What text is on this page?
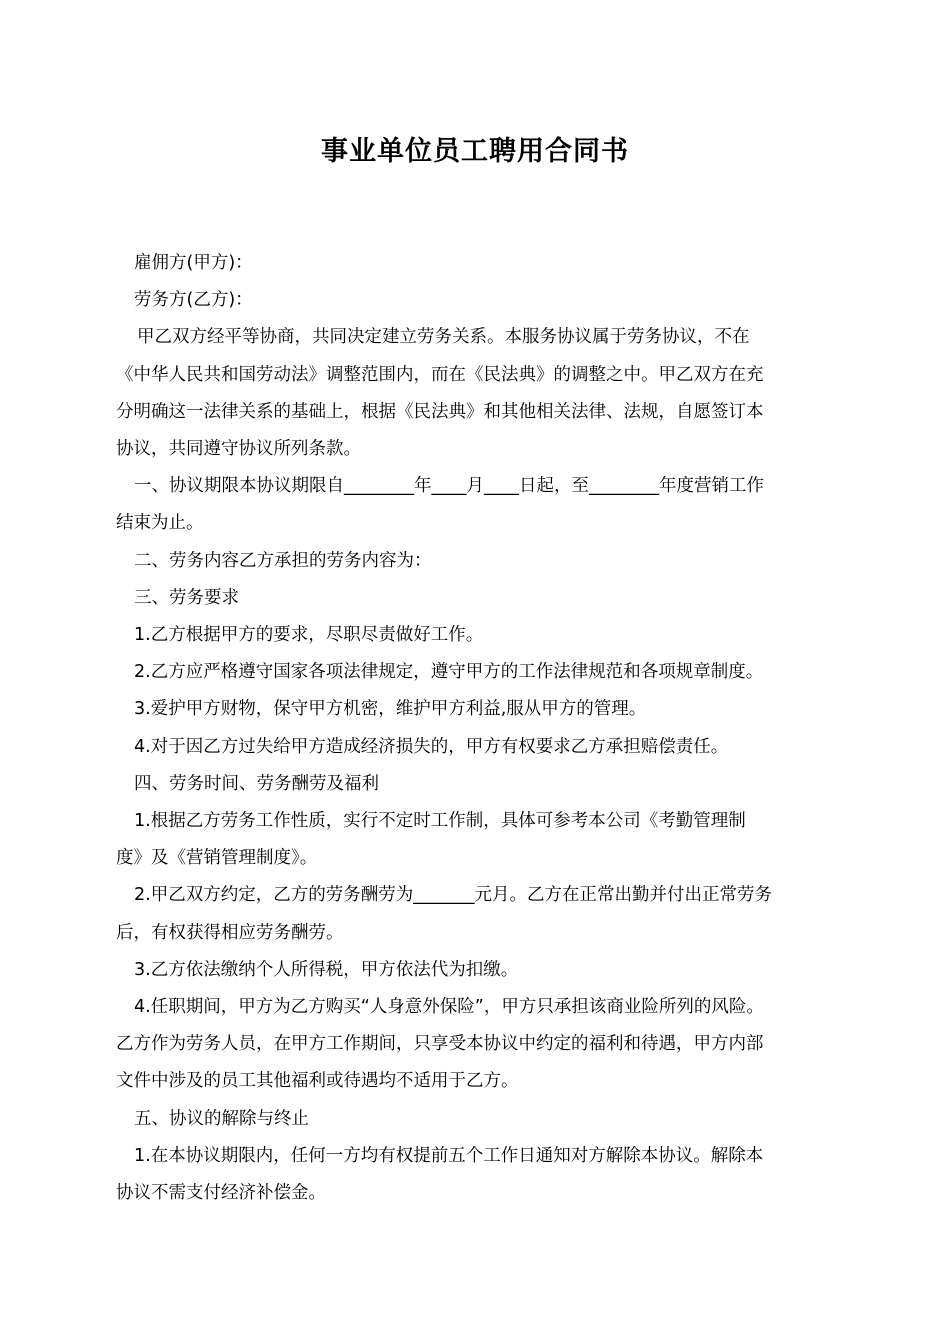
事业单位员工聘用合同书

雇佣方(甲方)：

劳务方(乙方)：

甲乙双方经平等协商，共同决定建立劳务关系。本服务协议属于劳务协议，不在

《中华人民共和国劳动法》调整范围内，而在《民法典》的调整之中。甲乙双方在充

分明确这一法律关系的基础上，根据《民法典》和其他相关法律、法规，自愿签订本

协议，共同遵守协议所列条款。

一、协议期限本协议期限自________年____月____日起，至________年度营销工作

结束为止。

二、劳务内容乙方承担的劳务内容为：

三、劳务要求

1.乙方根据甲方的要求，尽职尽责做好工作。

2.乙方应严格遵守国家各项法律规定，遵守甲方的工作法律规范和各项规章制度。

3.爱护甲方财物，保守甲方机密，维护甲方利益,服从甲方的管理。

4.对于因乙方过失给甲方造成经济损失的，甲方有权要求乙方承担赔偿责任。

四、劳务时间、劳务酬劳及福利

1.根据乙方劳务工作性质，实行不定时工作制，具体可参考本公司《考勤管理制

度》及《营销管理制度》。

2.甲乙双方约定，乙方的劳务酬劳为_______元月。乙方在正常出勤并付出正常劳务

后，有权获得相应劳务酬劳。

3.乙方依法缴纳个人所得税，甲方依法代为扣缴。

4.任职期间，甲方为乙方购买“人身意外保险”，甲方只承担该商业险所列的风险。

乙方作为劳务人员，在甲方工作期间，只享受本协议中约定的福利和待遇，甲方内部

文件中涉及的员工其他福利或待遇均不适用于乙方。

五、协议的解除与终止

1.在本协议期限内，任何一方均有权提前五个工作日通知对方解除本协议。解除本

协议不需支付经济补偿金。
